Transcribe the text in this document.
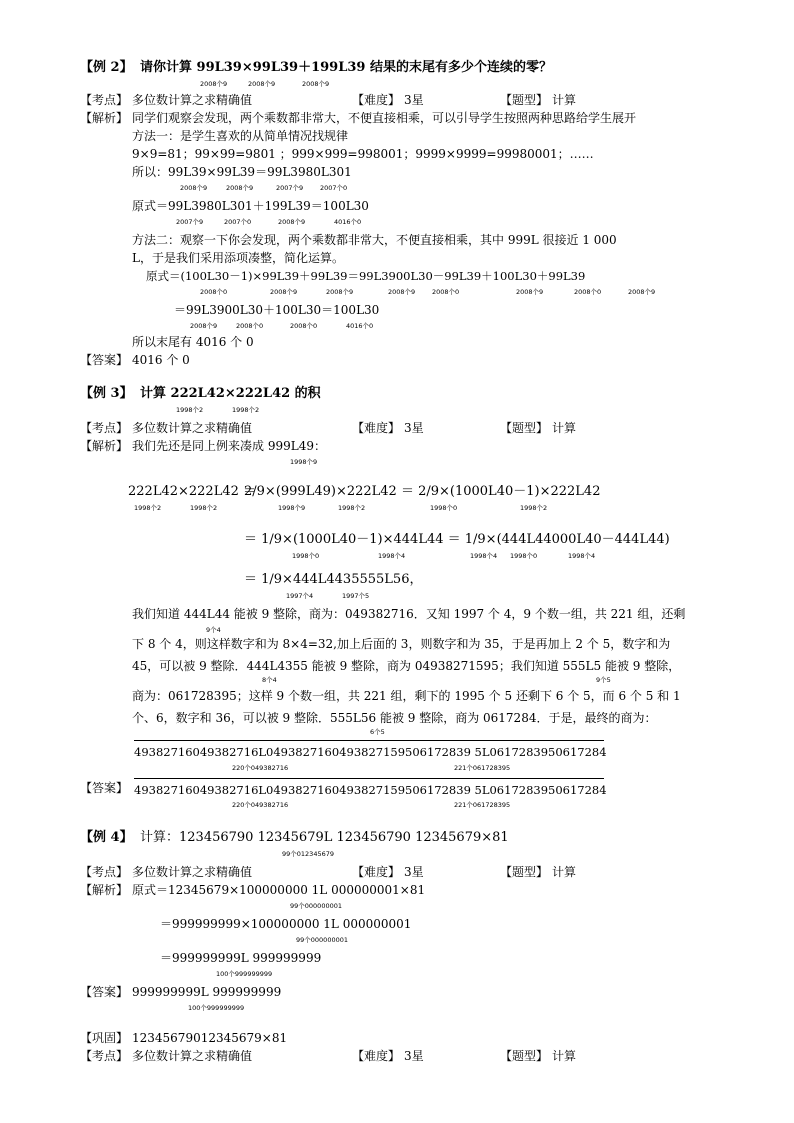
【例 2】 请你计算 99L39×99L39＋199L39 结果的末尾有多少个连续的零？
2008个9	2008个9	2008个9
【考点】 多位数计算之求精确值	【难度】 3星	【题型】 计算
【解析】 同学们观察会发现，两个乘数都非常大，不便直接相乘，可以引导学生按照两种思路给学生展开
方法一：是学生喜欢的从简单情况找规律
9×9=81；99×99=9801 ；999×999=998001；9999×9999=99980001；……
所以：99L39×99L39＝99L3980L301
2008个9	2008个9	2007个9	2007个0
原式＝99L3980L301＋199L39＝100L30
2007个9	2007个0	2008个9	4016个0
方法二：观察一下你会发现，两个乘数都非常大，不便直接相乘，其中 999L 很接近 1 000
L，于是我们采用添项凑整，简化运算。
原式＝(100L30－1)×99L39＋99L39＝99L3900L30－99L39＋100L30＋99L39
2008个0	2008个9	2008个9	2008个9	2008个0	2008个9	2008个0	2008个9
＝99L3900L30＋100L30＝100L30
2008个9	2008个0	2008个0	4016个0
所以末尾有 4016 个 0
【答案】 4016 个 0
【例 3】 计算 222L42×222L42 的积
1998个2	1998个2
【考点】 多位数计算之求精确值	【难度】 3星	【题型】 计算
【解析】 我们先还是同上例来凑成 999L49：
1998个9
222L42×222L42 ＝
1998个2	1998个2
2/9×(999L49)×222L42 ＝ 2/9×(1000L40－1)×222L42
1998个9	1998个2	1998个0	1998个2
＝ 1/9×(1000L40－1)×444L44 ＝ 1/9×(444L44000L40－444L44)
1998个0	1998个4	1998个4 1998个0	1998个4
＝ 1/9×444L4435555L56，
1997个4	1997个5
我们知道 444L44 能被 9 整除，商为：049382716．又知 1997 个 4，9 个数一组，共 221 组，还剩
9个4
下 8 个 4，则这样数字和为 8×4=32,加上后面的 3，则数字和为 35，于是再加上 2 个 5，数字和为
45，可以被 9 整除．444L4355 能被 9 整除，商为 04938271595；我们知道 555L5 能被 9 整除，
8个4	9个5
商为：061728395；这样 9 个数一组，共 221 组，剩下的 1995 个 5 还剩下 6 个 5，而 6 个 5 和 1
个、6，数字和 36，可以被 9 整除．555L56 能被 9 整除，商为 0617284．于是，最终的商为：
6个5
49382716049382716L0493827160493827159506172839 5L0617283950617284
220个049382716	221个061728395
【答案】 49382716049382716L0493827160493827159506172839 5L0617283950617284
220个049382716	221个061728395
【例 4】 计算：123456790 12345679L 123456790 12345679×81
99个012345679
【考点】 多位数计算之求精确值	【难度】 3星	【题型】 计算
【解析】 原式＝12345679×100000000 1L 000000001×81
99个000000001
＝999999999×100000000 1L 000000001
99个000000001
＝999999999L 999999999
100个999999999
【答案】 999999999L 999999999
100个999999999
【巩固】 12345679012345679×81
【考点】 多位数计算之求精确值	【难度】 3星	【题型】 计算
